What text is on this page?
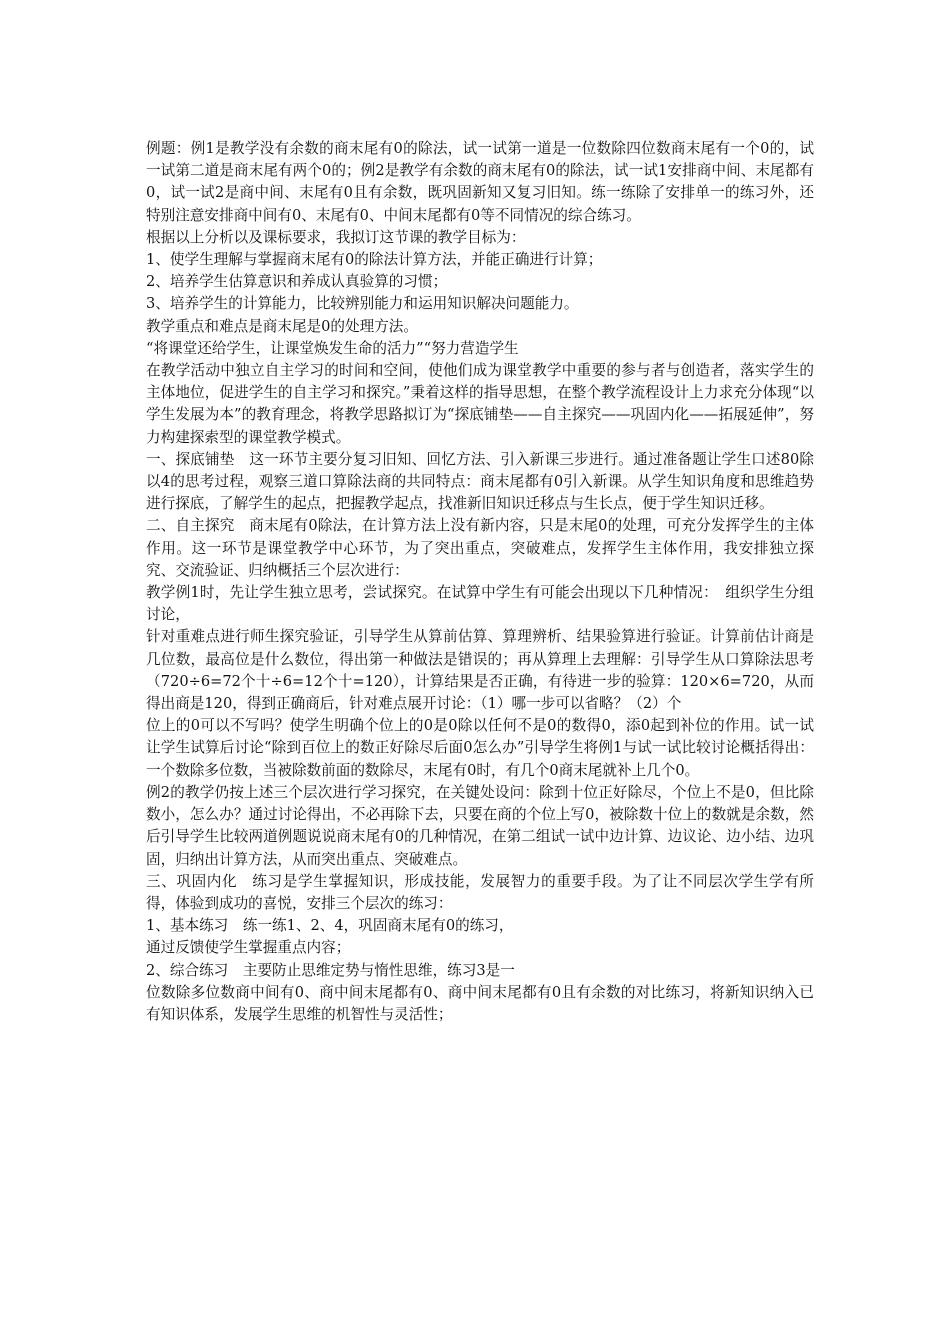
例题：例1是教学没有余数的商末尾有0的除法，试一试第一道是一位数除四位数商末尾有一个0的，试一试第二道是商末尾有两个0的；例2是教学有余数的商末尾有0的除法，试一试1安排商中间、末尾都有0，试一试2是商中间、末尾有0且有余数，既巩固新知又复习旧知。练一练除了安排单一的练习外，还特别注意安排商中间有0、末尾有0、中间末尾都有0等不同情况的综合练习。

根据以上分析以及课标要求，我拟订这节课的教学目标为：

1、使学生理解与掌握商末尾有0的除法计算方法，并能正确进行计算；

2、培养学生估算意识和养成认真验算的习惯；

3、培养学生的计算能力，比较辨别能力和运用知识解决问题能力。

教学重点和难点是商末尾是0的处理方法。

“将课堂还给学生，让课堂焕发生命的活力”“努力营造学生

在教学活动中独立自主学习的时间和空间，使他们成为课堂教学中重要的参与者与创造者，落实学生的主体地位，促进学生的自主学习和探究。”秉着这样的指导思想，在整个教学流程设计上力求充分体现“以学生发展为本”的教育理念，将教学思路拟订为“探底铺垫——自主探究——巩固内化——拓展延伸”，努力构建探索型的课堂教学模式。

一、探底铺垫　这一环节主要分复习旧知、回忆方法、引入新课三步进行。通过准备题让学生口述80除以4的思考过程，观察三道口算除法商的共同特点：商末尾都有0引入新课。从学生知识角度和思维趋势进行探底，了解学生的起点，把握教学起点，找准新旧知识迁移点与生长点，便于学生知识迁移。

二、自主探究　商末尾有0除法，在计算方法上没有新内容，只是末尾0的处理，可充分发挥学生的主体作用。这一环节是课堂教学中心环节，为了突出重点，突破难点，发挥学生主体作用，我安排独立探究、交流验证、归纳概括三个层次进行：

教学例1时，先让学生独立思考，尝试探究。在试算中学生有可能会出现以下几种情况：　组织学生分组讨论，

针对重难点进行师生探究验证，引导学生从算前估算、算理辨析、结果验算进行验证。计算前估计商是几位数，最高位是什么数位，得出第一种做法是错误的；再从算理上去理解：引导学生从口算除法思考（720÷6=72个十÷6=12个十=120），计算结果是否正确，有待进一步的验算：120×6=720，从而得出商是120，得到正确商后，针对难点展开讨论：（1）哪一步可以省略？（2）个

位上的0可以不写吗？使学生明确个位上的0是0除以任何不是0的数得0，添0起到补位的作用。试一试让学生试算后讨论“除到百位上的数正好除尽后面0怎么办”引导学生将例1与试一试比较讨论概括得出：一个数除多位数，当被除数前面的数除尽，末尾有0时，有几个0商末尾就补上几个0。

例2的教学仍按上述三个层次进行学习探究，在关键处设问：除到十位正好除尽，个位上不是0，但比除数小，怎么办？通过讨论得出，不必再除下去，只要在商的个位上写0，被除数十位上的数就是余数，然后引导学生比较两道例题说说商末尾有0的几种情况，在第二组试一试中边计算、边议论、边小结、边巩固，归纳出计算方法，从而突出重点、突破难点。

三、巩固内化　练习是学生掌握知识，形成技能，发展智力的重要手段。为了让不同层次学生学有所得，体验到成功的喜悦，安排三个层次的练习：

1、基本练习　练一练1、2、4，巩固商末尾有0的练习，

通过反馈使学生掌握重点内容；

2、综合练习　主要防止思维定势与惰性思维，练习3是一

位数除多位数商中间有0、商中间末尾都有0、商中间末尾都有0且有余数的对比练习，将新知识纳入已有知识体系，发展学生思维的机智性与灵活性；
